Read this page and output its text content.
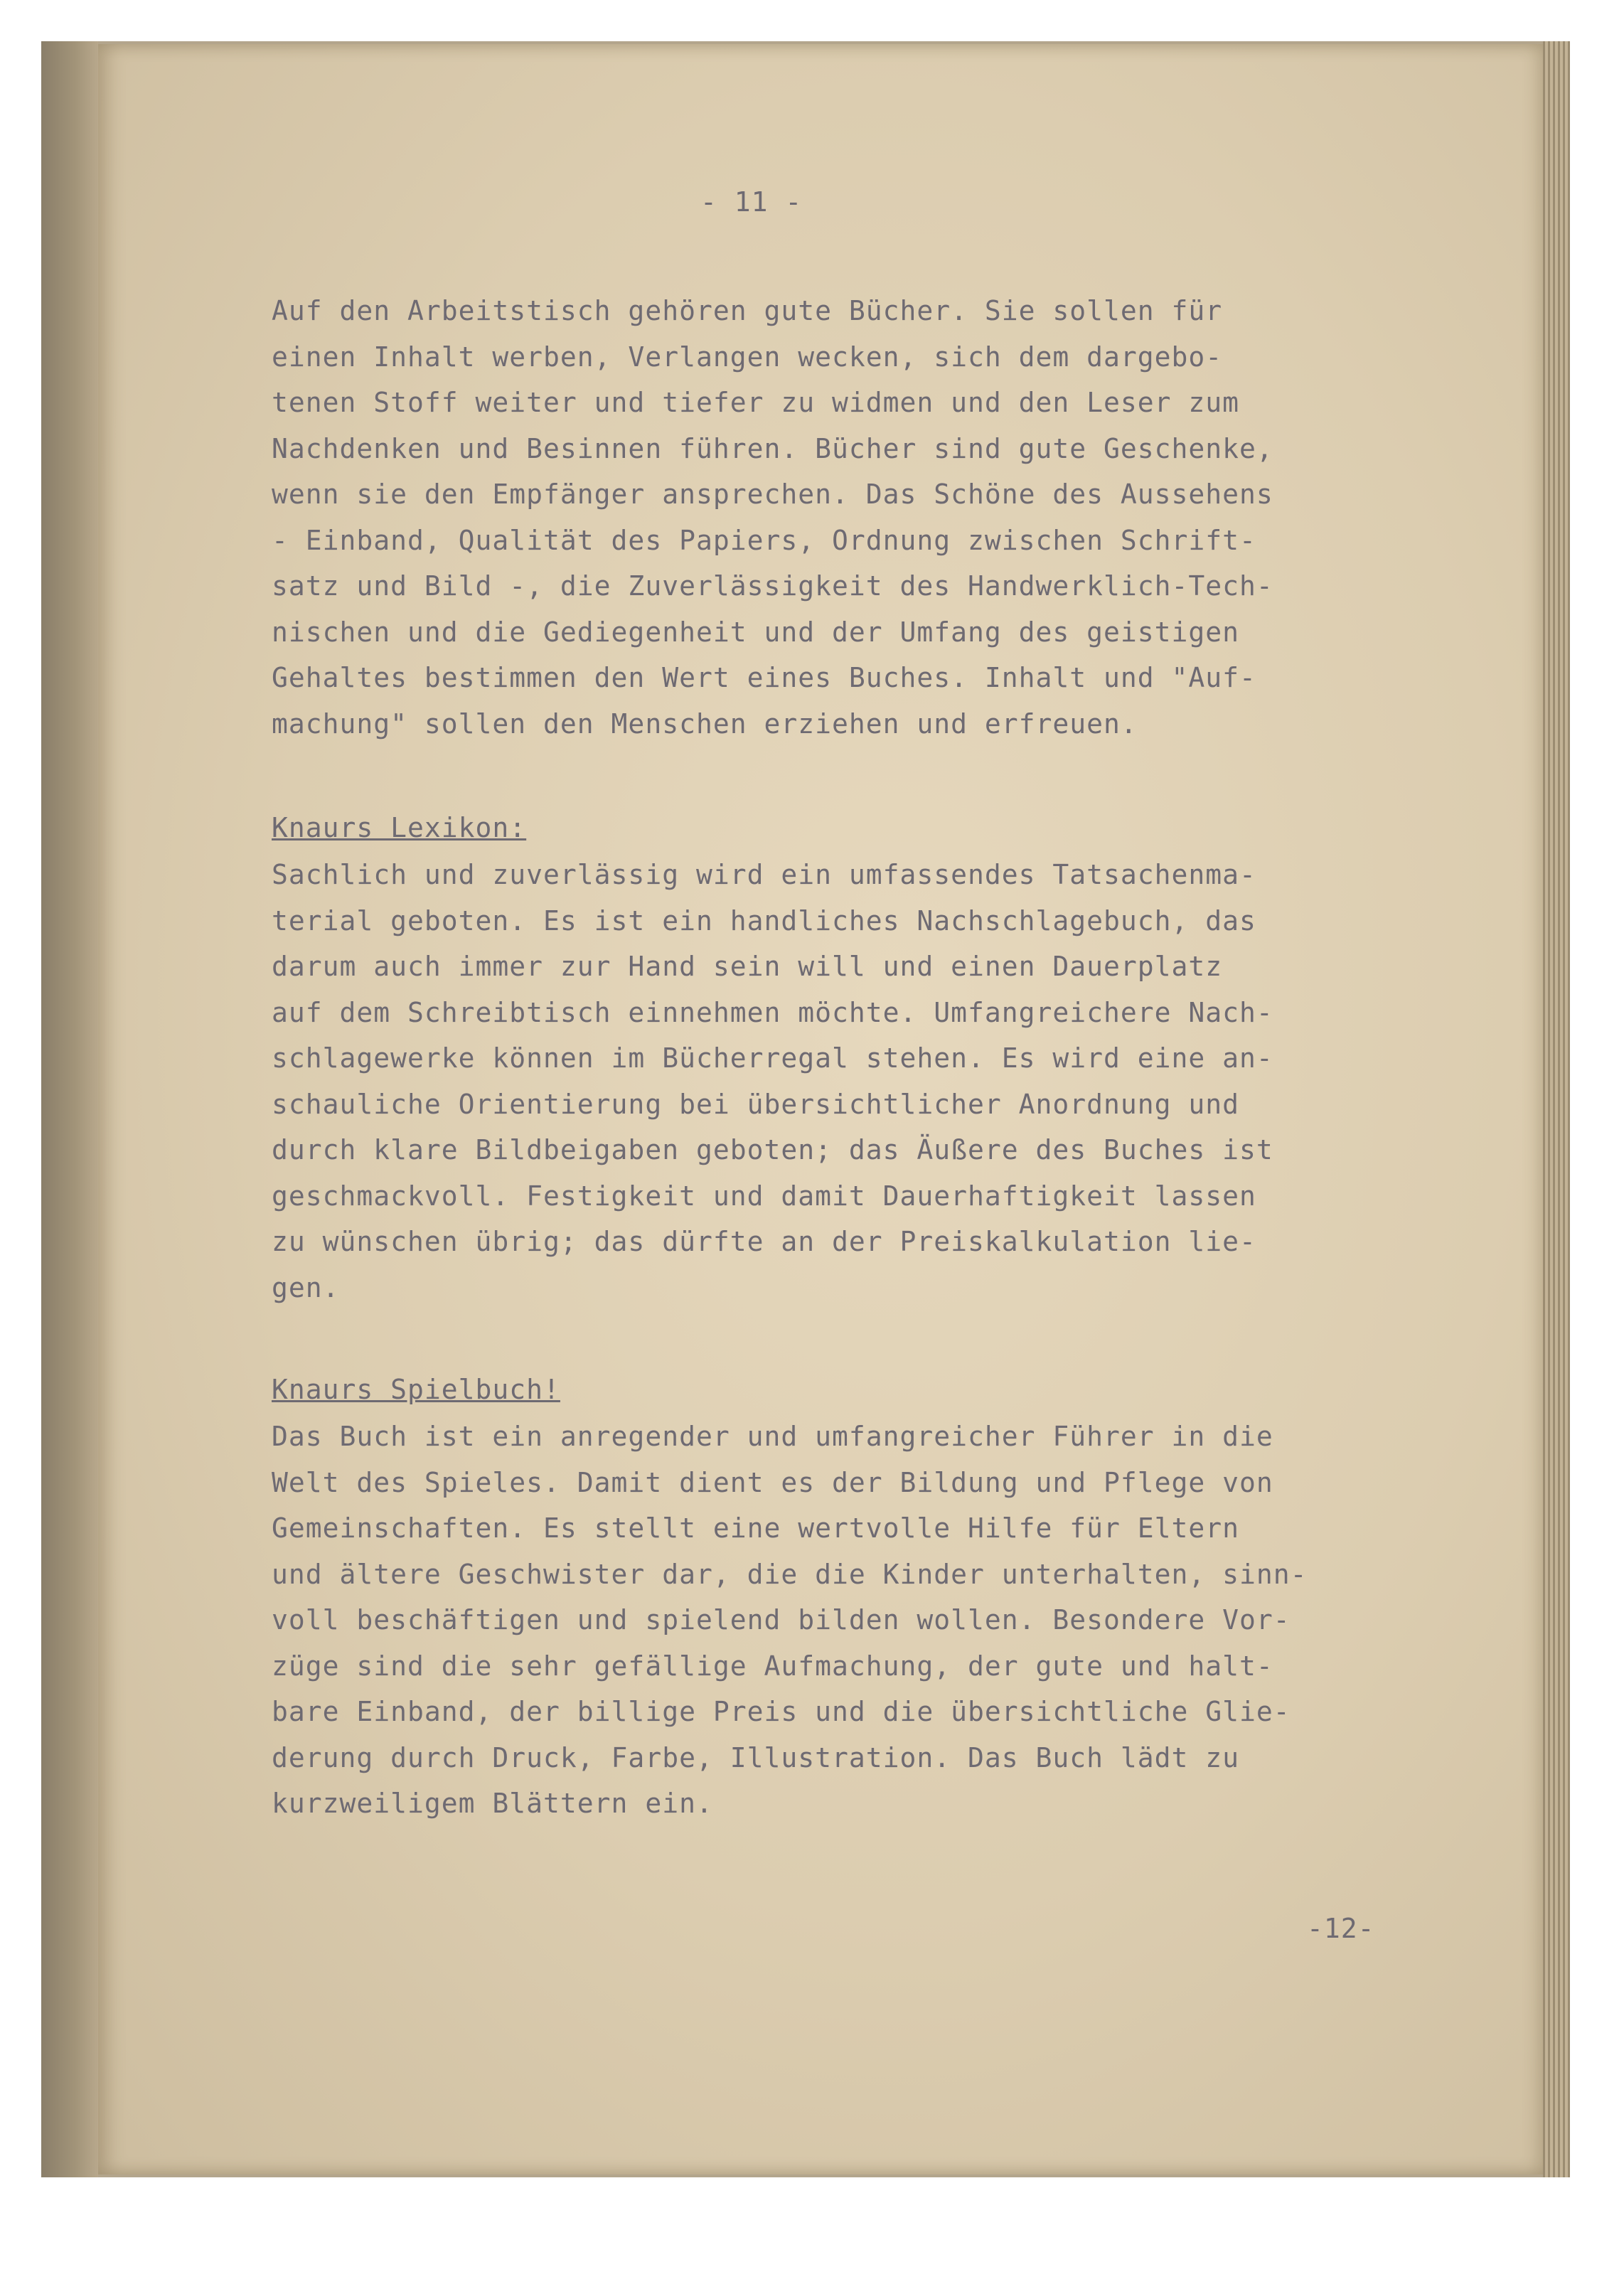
- 11 -

Auf den Arbeitstisch gehören gute Bücher. Sie sollen für
einen Inhalt werben, Verlangen wecken, sich dem dargebo-
tenen Stoff weiter und tiefer zu widmen und den Leser zum
Nachdenken und Besinnen führen. Bücher sind gute Geschenke,
wenn sie den Empfänger ansprechen. Das Schöne des Aussehens
- Einband, Qualität des Papiers, Ordnung zwischen Schrift-
satz und Bild -, die Zuverlässigkeit des Handwerklich-Tech-
nischen und die Gediegenheit und der Umfang des geistigen
Gehaltes bestimmen den Wert eines Buches. Inhalt und "Auf-
machung" sollen den Menschen erziehen und erfreuen.

Knaurs Lexikon:

Sachlich und zuverlässig wird ein umfassendes Tatsachenma-
terial geboten. Es ist ein handliches Nachschlagebuch, das
darum auch immer zur Hand sein will und einen Dauerplatz
auf dem Schreibtisch einnehmen möchte. Umfangreichere Nach-
schlagewerke können im Bücherregal stehen. Es wird eine an-
schauliche Orientierung bei übersichtlicher Anordnung und
durch klare Bildbeigaben geboten; das Äußere des Buches ist
geschmackvoll. Festigkeit und damit Dauerhaftigkeit lassen
zu wünschen übrig; das dürfte an der Preiskalkulation lie-
gen.

Knaurs Spielbuch!

Das Buch ist ein anregender und umfangreicher Führer in die
Welt des Spieles. Damit dient es der Bildung und Pflege von
Gemeinschaften. Es stellt eine wertvolle Hilfe für Eltern
und ältere Geschwister dar, die die Kinder unterhalten, sinn-
voll beschäftigen und spielend bilden wollen. Besondere Vor-
züge sind die sehr gefällige Aufmachung, der gute und halt-
bare Einband, der billige Preis und die übersichtliche Glie-
derung durch Druck, Farbe, Illustration. Das Buch lädt zu
kurzweiligem Blättern ein.

-12-
